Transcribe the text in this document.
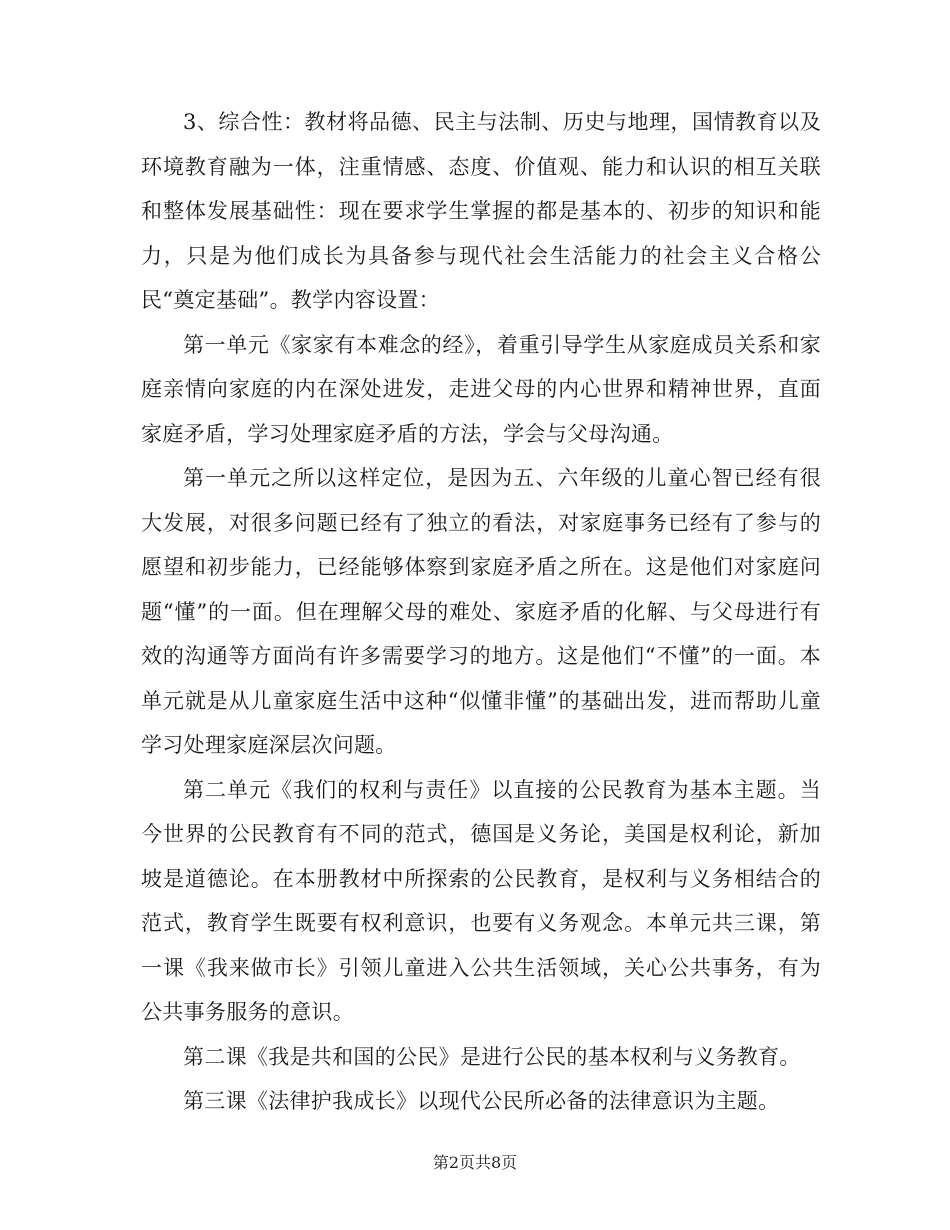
3、综合性：教材将品德、民主与法制、历史与地理，国情教育以及环境教育融为一体，注重情感、态度、价值观、能力和认识的相互关联和整体发展基础性：现在要求学生掌握的都是基本的、初步的知识和能力，只是为他们成长为具备参与现代社会生活能力的社会主义合格公民“奠定基础”。教学内容设置：

第一单元《家家有本难念的经》，着重引导学生从家庭成员关系和家庭亲情向家庭的内在深处进发，走进父母的内心世界和精神世界，直面家庭矛盾，学习处理家庭矛盾的方法，学会与父母沟通。

第一单元之所以这样定位，是因为五、六年级的儿童心智已经有很大发展，对很多问题已经有了独立的看法，对家庭事务已经有了参与的愿望和初步能力，已经能够体察到家庭矛盾之所在。这是他们对家庭问题“懂”的一面。但在理解父母的难处、家庭矛盾的化解、与父母进行有效的沟通等方面尚有许多需要学习的地方。这是他们“不懂”的一面。本单元就是从儿童家庭生活中这种“似懂非懂”的基础出发，进而帮助儿童学习处理家庭深层次问题。

第二单元《我们的权利与责任》以直接的公民教育为基本主题。当今世界的公民教育有不同的范式，德国是义务论，美国是权利论，新加坡是道德论。在本册教材中所探索的公民教育，是权利与义务相结合的范式，教育学生既要有权利意识，也要有义务观念。本单元共三课，第一课《我来做市长》引领儿童进入公共生活领域，关心公共事务，有为公共事务服务的意识。

第二课《我是共和国的公民》是进行公民的基本权利与义务教育。

第三课《法律护我成长》以现代公民所必备的法律意识为主题。

第2页共8页
